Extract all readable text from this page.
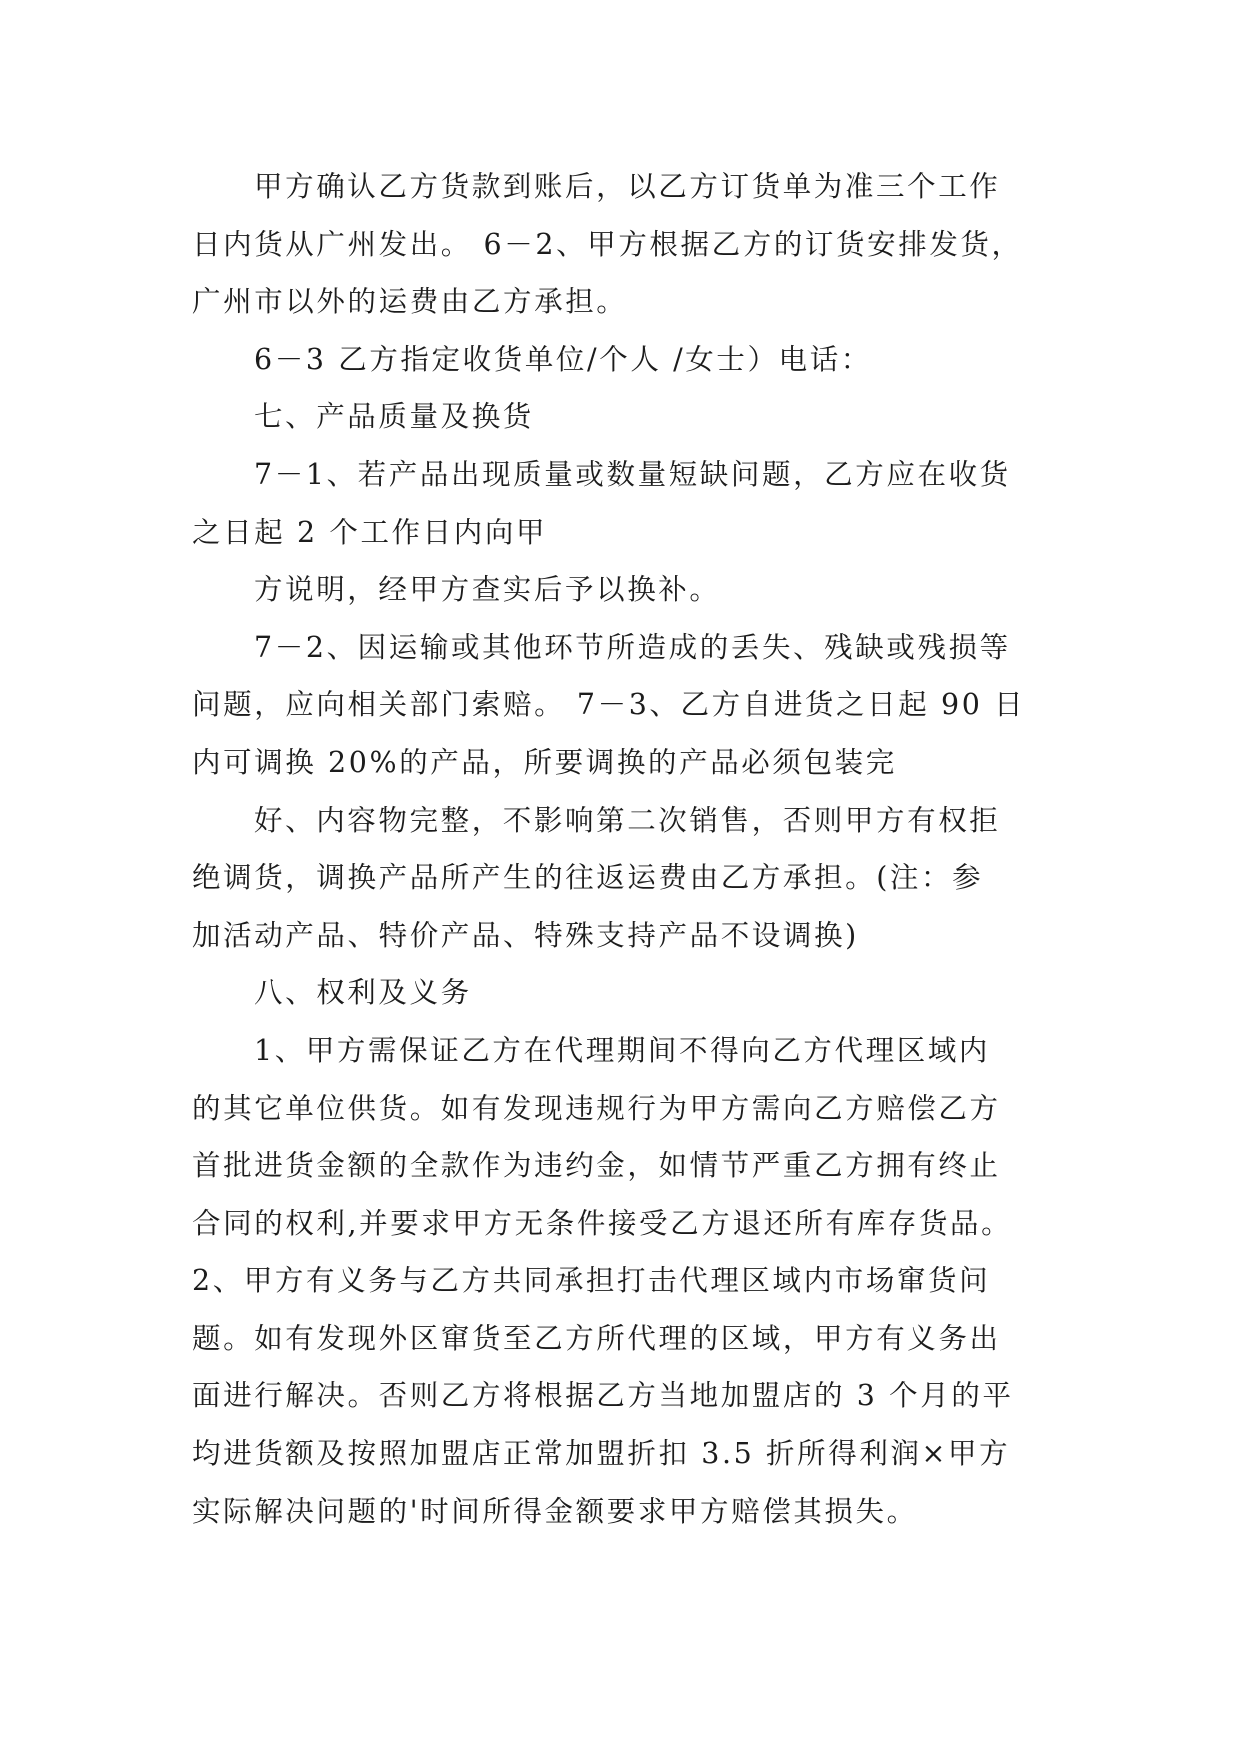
甲方确认乙方货款到账后，以乙方订货单为准三个工作
日内货从广州发出。 6－2、甲方根据乙方的订货安排发货，
广州市以外的运费由乙方承担。
6－3 乙方指定收货单位/个人 /女士）电话：
七、产品质量及换货
7－1、若产品出现质量或数量短缺问题，乙方应在收货
之日起 2 个工作日内向甲
方说明，经甲方查实后予以换补。
7－2、因运输或其他环节所造成的丢失、残缺或残损等
问题，应向相关部门索赔。 7－3、乙方自进货之日起 90 日
内可调换 20%的产品，所要调换的产品必须包装完
好、内容物完整，不影响第二次销售，否则甲方有权拒
绝调货，调换产品所产生的往返运费由乙方承担。(注：参
加活动产品、特价产品、特殊支持产品不设调换)
八、权利及义务
1、甲方需保证乙方在代理期间不得向乙方代理区域内
的其它单位供货。如有发现违规行为甲方需向乙方赔偿乙方
首批进货金额的全款作为违约金，如情节严重乙方拥有终止
合同的权利,并要求甲方无条件接受乙方退还所有库存货品。
2、甲方有义务与乙方共同承担打击代理区域内市场窜货问
题。如有发现外区窜货至乙方所代理的区域，甲方有义务出
面进行解决。否则乙方将根据乙方当地加盟店的 3 个月的平
均进货额及按照加盟店正常加盟折扣 3.5 折所得利润×甲方
实际解决问题的'时间所得金额要求甲方赔偿其损失。
